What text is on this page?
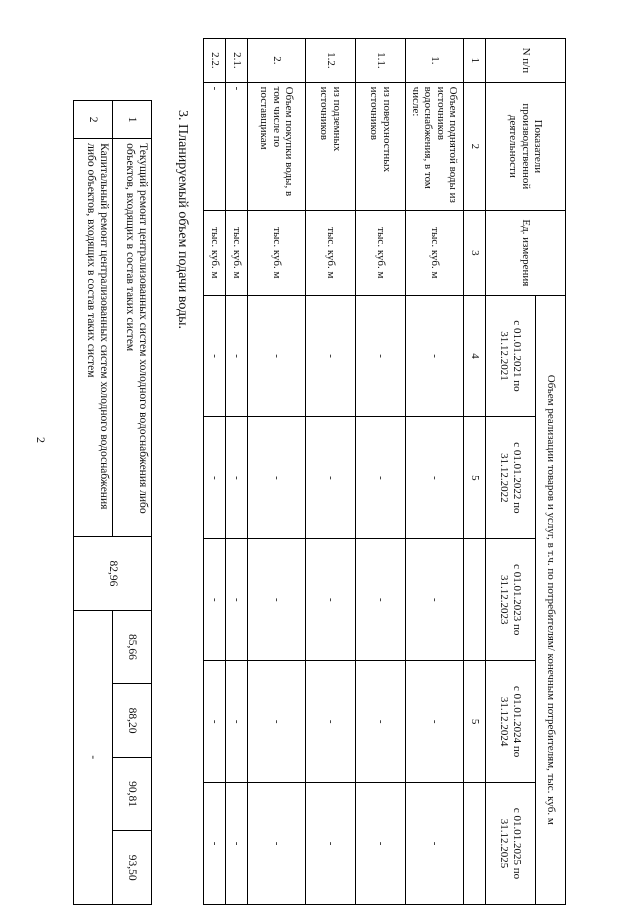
2
1	Текущий ремонт централизованных систем холодного водоснабжения либо объектов, входящих в состав таких систем	82,96	85,66	88,20	90,81	93,50
2	Капитальный ремонт централизованных систем холодного водоснабжения либо объектов, входящих в состав таких систем		-			
3. Планируемый объем подачи воды.
N п/п	Показатели производственной деятельности	Ед. измерения	Объем реализации товаров и услуг, в т.ч. по потребителям/ конечным потребителям, тыс. куб. м				
			с 01.01.2021 по 31.12.2021	с 01.01.2022 по 31.12.2022	с 01.01.2023 по 31.12.2023	с 01.01.2024 по 31.12.2024	с 01.01.2025 по 31.12.2025
1	2	3	4	5		5	
1.	Объем поднятой воды из источников водоснабжения, в том числе:	тыс. куб. м	-	-	-	-	-
1.1.	из поверхностных источников	тыс. куб. м	-	-	-	-	-
1.2.	из подземных источников	тыс. куб. м	-	-	-	-	-
2.	Объем покупки воды, в том числе по поставщикам	тыс. куб. м	-	-	-	-	-
2.1.	-	тыс. куб. м	-	-	-	-	-
2.2.	-	тыс. куб. м	-	-	-	-	-
